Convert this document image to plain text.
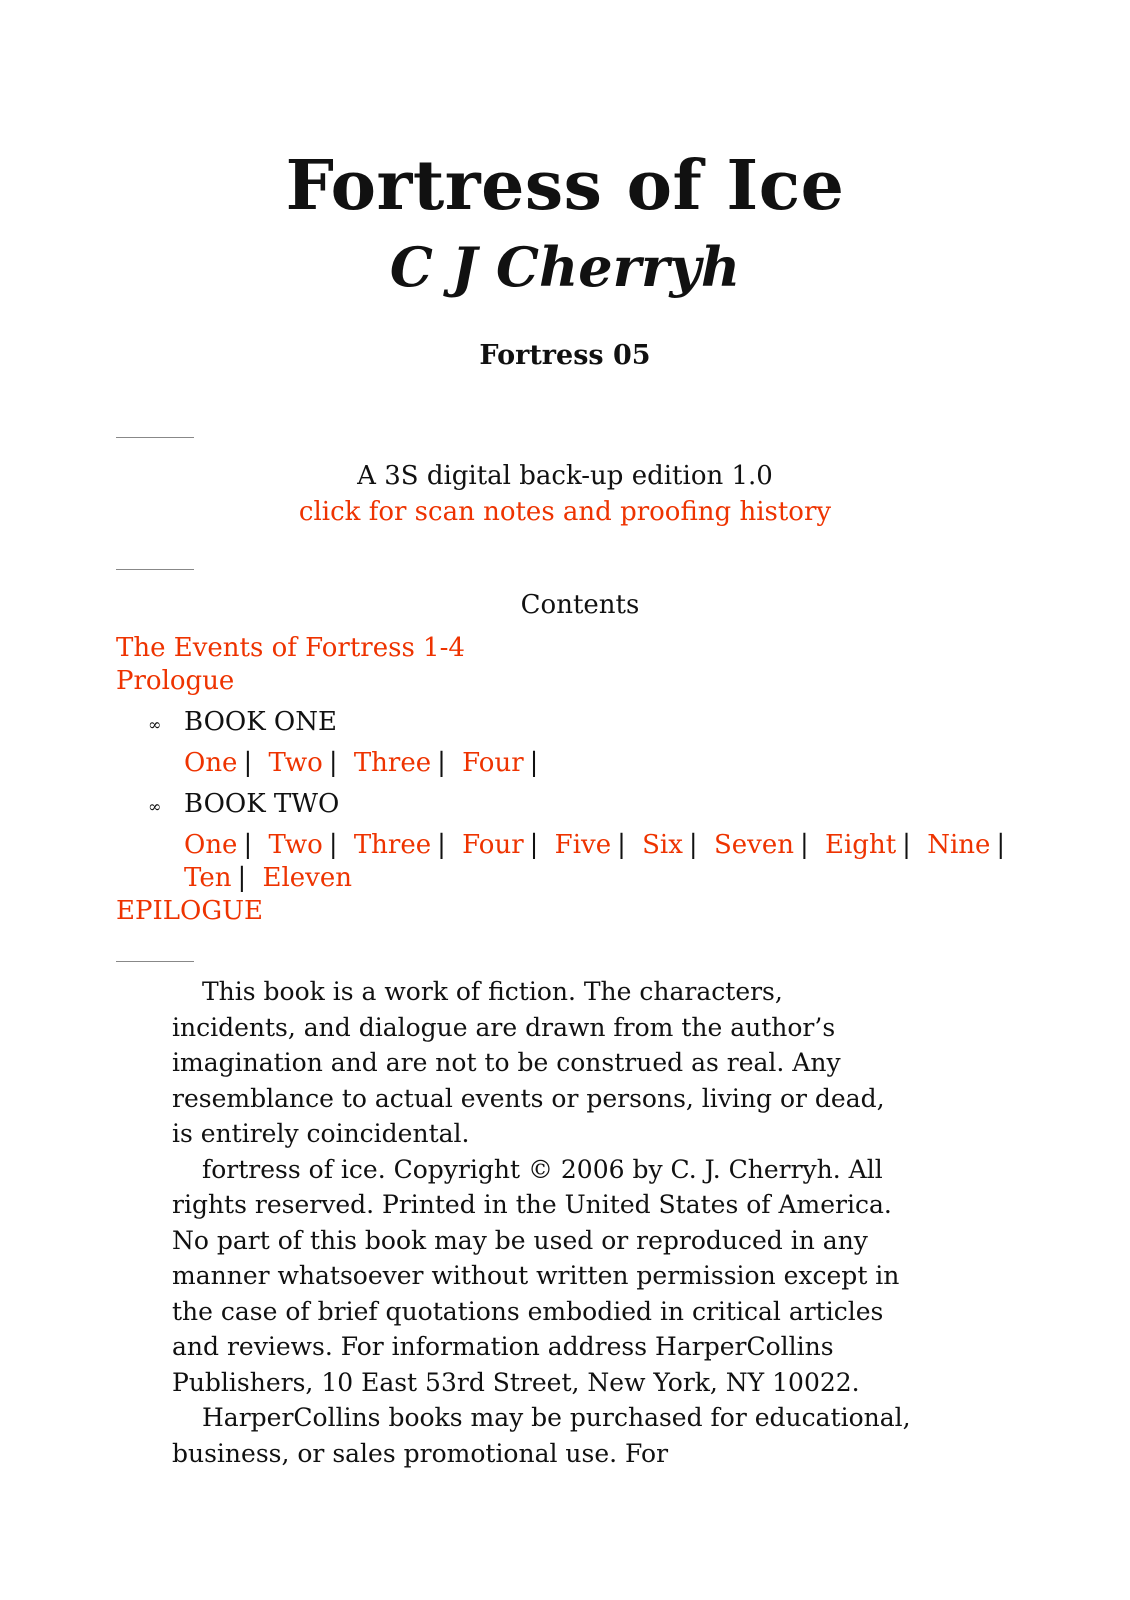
Fortress of Ice
C J Cherryh
Fortress 05
A 3S digital back-up edition 1.0
click for scan notes and proofing history
Contents
The Events of Fortress 1-4
Prologue
∞ BOOK ONE
One | Two | Three | Four |
∞ BOOK TWO
One | Two | Three | Four | Five | Six | Seven | Eight | Nine | Ten | Eleven
EPILOGUE

This book is a work of fiction. The characters, incidents, and dialogue are drawn from the author’s imagination and are not to be construed as real. Any resemblance to actual events or persons, living or dead, is entirely coincidental.

fortress of ice. Copyright © 2006 by C. J. Cherryh. All rights reserved. Printed in the United States of America. No part of this book may be used or reproduced in any manner whatsoever without written permission except in the case of brief quotations embodied in critical articles and reviews. For information address HarperCollins Publishers, 10 East 53rd Street, New York, NY 10022.

HarperCollins books may be purchased for educational, business, or sales promotional use. For
